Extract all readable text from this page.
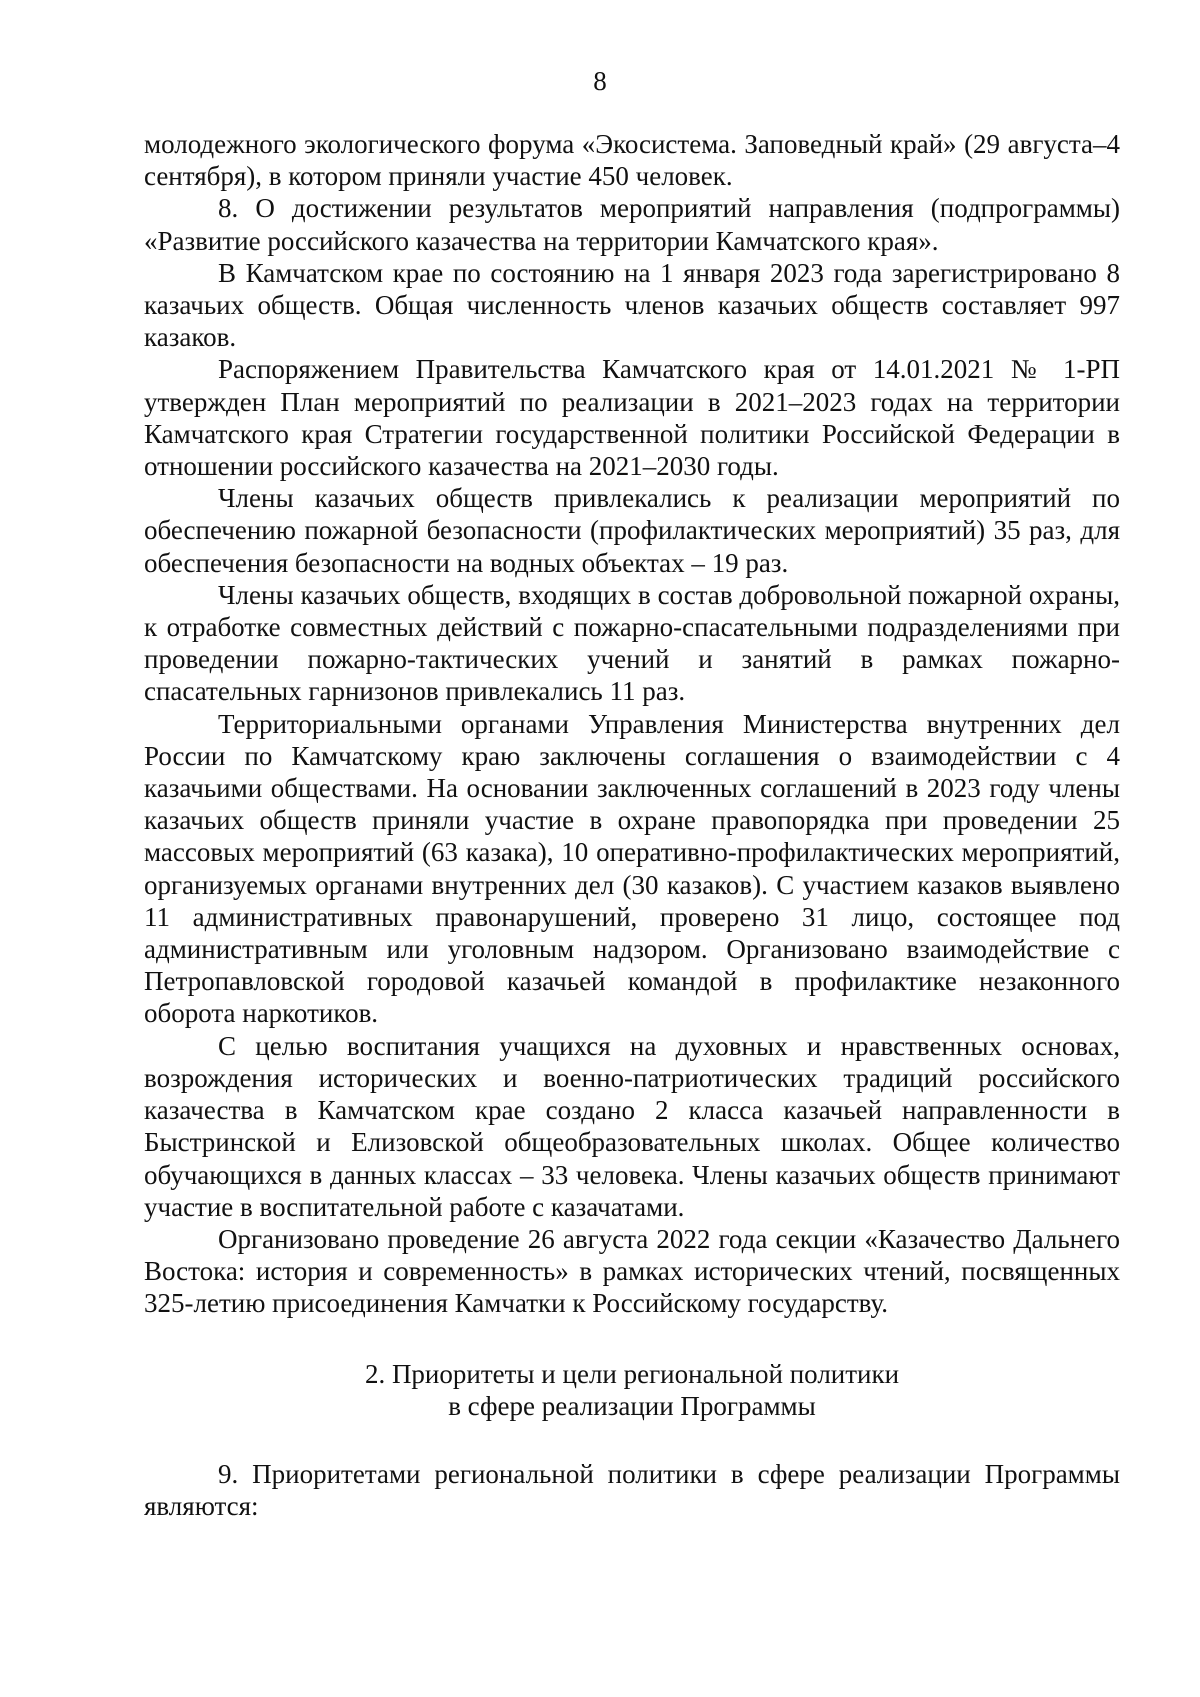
8

молодежного экологического форума «Экосистема. Заповедный край» (29 августа–4 сентября), в котором приняли участие 450 человек.

8. О достижении результатов мероприятий направления (подпрограммы) «Развитие российского казачества на территории Камчатского края».

В Камчатском крае по состоянию на 1 января 2023 года зарегистрировано 8 казачьих обществ. Общая численность членов казачьих обществ составляет 997 казаков.

Распоряжением Правительства Камчатского края от 14.01.2021 № 1-РП утвержден План мероприятий по реализации в 2021–2023 годах на территории Камчатского края Стратегии государственной политики Российской Федерации в отношении российского казачества на 2021–2030 годы.

Члены казачьих обществ привлекались к реализации мероприятий по обеспечению пожарной безопасности (профилактических мероприятий) 35 раз, для обеспечения безопасности на водных объектах – 19 раз.

Члены казачьих обществ, входящих в состав добровольной пожарной охраны, к отработке совместных действий с пожарно-спасательными подразделениями при проведении пожарно-тактических учений и занятий в рамках пожарно-спасательных гарнизонов привлекались 11 раз.

Территориальными органами Управления Министерства внутренних дел России по Камчатскому краю заключены соглашения о взаимодействии с 4 казачьими обществами. На основании заключенных соглашений в 2023 году члены казачьих обществ приняли участие в охране правопорядка при проведении 25 массовых мероприятий (63 казака), 10 оперативно-профилактических мероприятий, организуемых органами внутренних дел (30 казаков). С участием казаков выявлено 11 административных правонарушений, проверено 31 лицо, состоящее под административным или уголовным надзором. Организовано взаимодействие с Петропавловской городовой казачьей командой в профилактике незаконного оборота наркотиков.

С целью воспитания учащихся на духовных и нравственных основах, возрождения исторических и военно-патриотических традиций российского казачества в Камчатском крае создано 2 класса казачьей направленности в Быстринской и Елизовской общеобразовательных школах. Общее количество обучающихся в данных классах – 33 человека. Члены казачьих обществ принимают участие в воспитательной работе с казачатами.

Организовано проведение 26 августа 2022 года секции «Казачество Дальнего Востока: история и современность» в рамках исторических чтений, посвященных 325-летию присоединения Камчатки к Российскому государству.

2. Приоритеты и цели региональной политики
в сфере реализации Программы

9. Приоритетами региональной политики в сфере реализации Программы являются:
